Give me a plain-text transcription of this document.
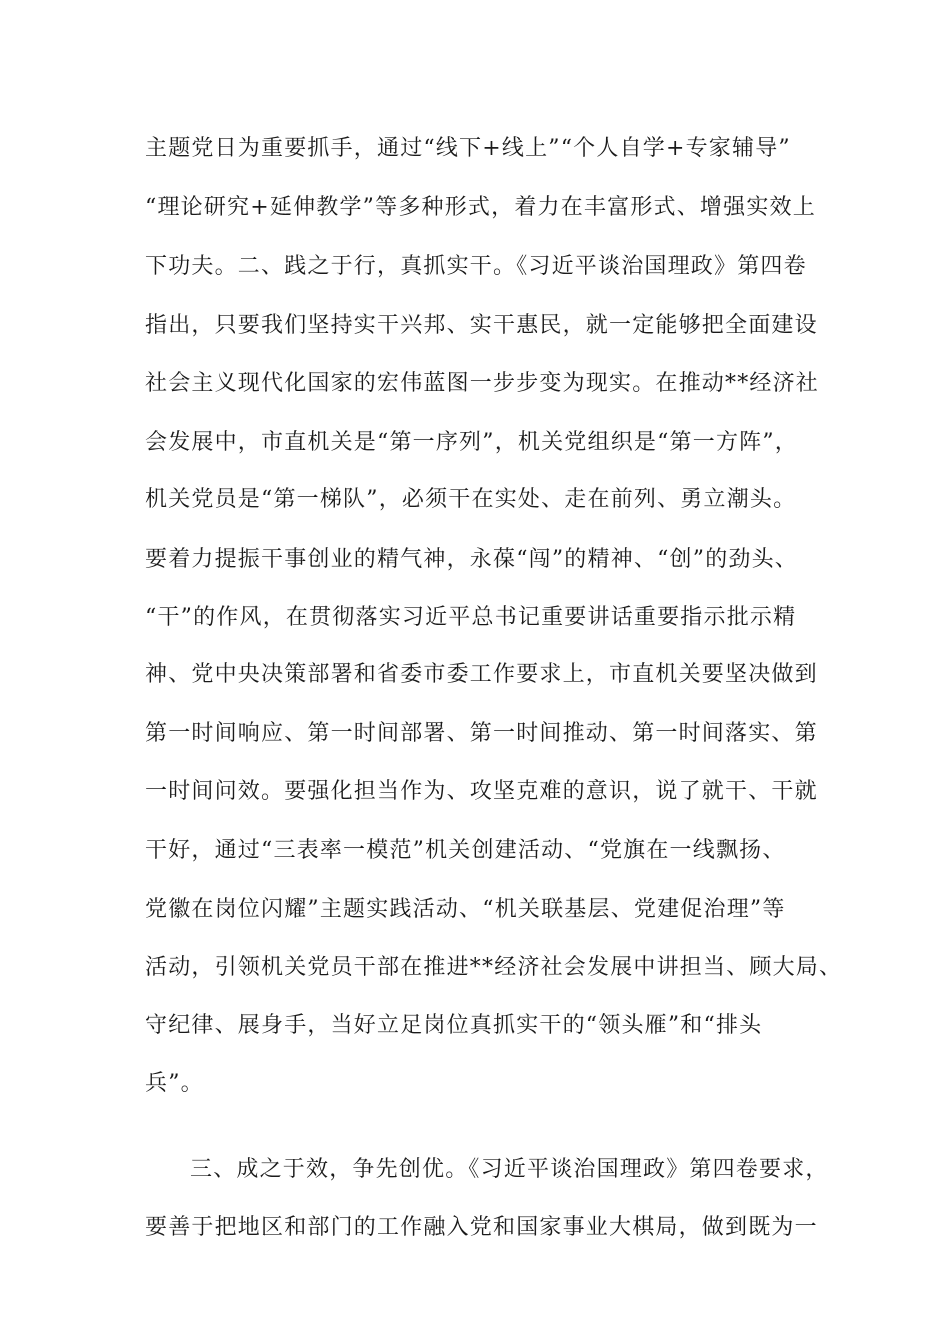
主题党日为重要抓手，通过“线下+线上”“个人自学+专家辅导”
“理论研究+延伸教学”等多种形式，着力在丰富形式、增强实效上
下功夫。二、践之于行，真抓实干。《习近平谈治国理政》第四卷
指出，只要我们坚持实干兴邦、实干惠民，就一定能够把全面建设
社会主义现代化国家的宏伟蓝图一步步变为现实。在推动**经济社
会发展中，市直机关是“第一序列”，机关党组织是“第一方阵”，
机关党员是“第一梯队”，必须干在实处、走在前列、勇立潮头。
要着力提振干事创业的精气神，永葆“闯”的精神、“创”的劲头、
“干”的作风，在贯彻落实习近平总书记重要讲话重要指示批示精
神、党中央决策部署和省委市委工作要求上，市直机关要坚决做到
第一时间响应、第一时间部署、第一时间推动、第一时间落实、第
一时间问效。要强化担当作为、攻坚克难的意识，说了就干、干就
干好，通过“三表率一模范”机关创建活动、“党旗在一线飘扬、
党徽在岗位闪耀”主题实践活动、“机关联基层、党建促治理”等
活动，引领机关党员干部在推进**经济社会发展中讲担当、顾大局、
守纪律、展身手，当好立足岗位真抓实干的“领头雁”和“排头
兵”。
三、成之于效，争先创优。《习近平谈治国理政》第四卷要求，
要善于把地区和部门的工作融入党和国家事业大棋局，做到既为一
